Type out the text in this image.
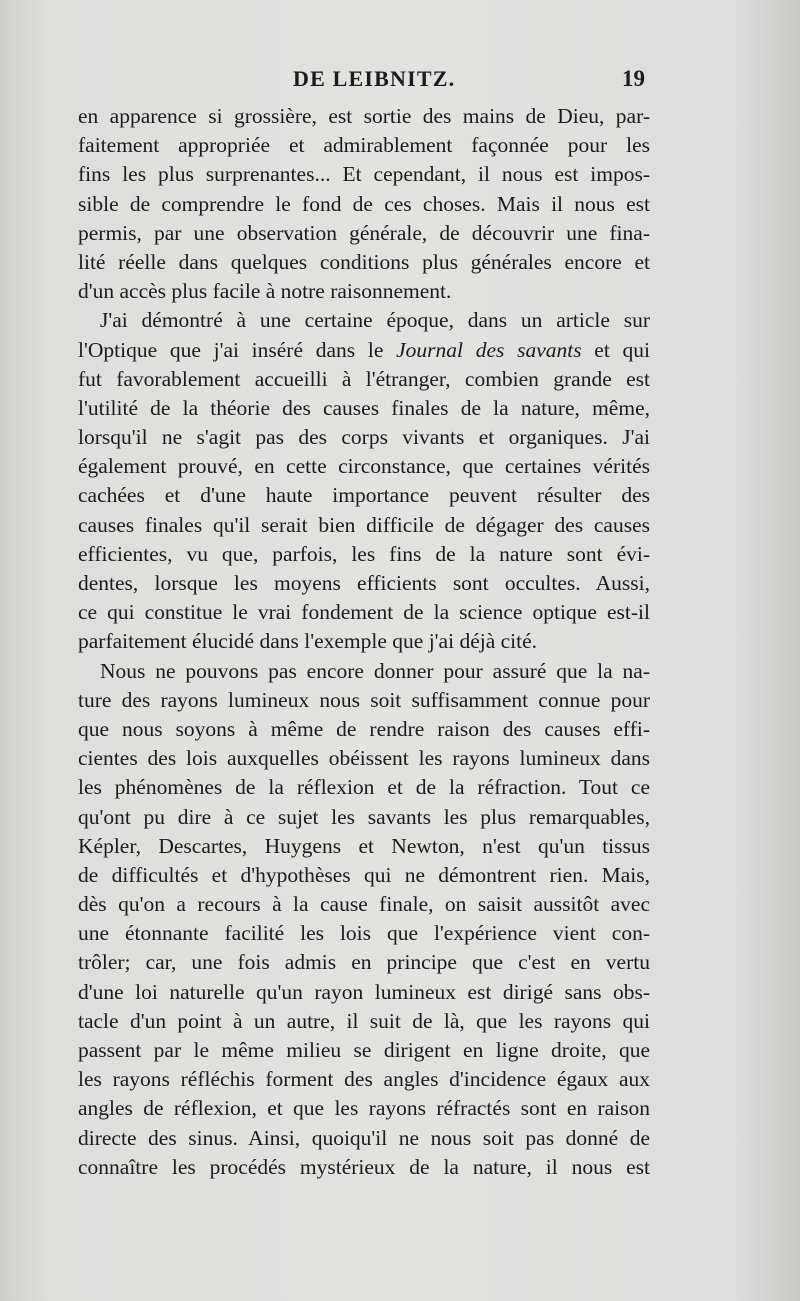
DE LEIBNITZ.	19
en apparence si grossière, est sortie des mains de Dieu, par-
faitement appropriée et admirablement façonnée pour les
fins les plus surprenantes... Et cependant, il nous est impos-
sible de comprendre le fond de ces choses. Mais il nous est
permis, par une observation générale, de découvrir une fina-
lité réelle dans quelques conditions plus générales encore et
d'un accès plus facile à notre raisonnement.
J'ai démontré à une certaine époque, dans un article sur
l'Optique que j'ai inséré dans le Journal des savants et qui
fut favorablement accueilli à l'étranger, combien grande est
l'utilité de la théorie des causes finales de la nature, même,
lorsqu'il ne s'agit pas des corps vivants et organiques. J'ai
également prouvé, en cette circonstance, que certaines vérités
cachées et d'une haute importance peuvent résulter des
causes finales qu'il serait bien difficile de dégager des causes
efficientes, vu que, parfois, les fins de la nature sont évi-
dentes, lorsque les moyens efficients sont occultes. Aussi,
ce qui constitue le vrai fondement de la science optique est-il
parfaitement élucidé dans l'exemple que j'ai déjà cité.
Nous ne pouvons pas encore donner pour assuré que la na-
ture des rayons lumineux nous soit suffisamment connue pour
que nous soyons à même de rendre raison des causes effi-
cientes des lois auxquelles obéissent les rayons lumineux dans
les phénomènes de la réflexion et de la réfraction. Tout ce
qu'ont pu dire à ce sujet les savants les plus remarquables,
Képler, Descartes, Huygens et Newton, n'est qu'un tissus
de difficultés et d'hypothèses qui ne démontrent rien. Mais,
dès qu'on a recours à la cause finale, on saisit aussitôt avec
une étonnante facilité les lois que l'expérience vient con-
trôler; car, une fois admis en principe que c'est en vertu
d'une loi naturelle qu'un rayon lumineux est dirigé sans obs-
tacle d'un point à un autre, il suit de là, que les rayons qui
passent par le même milieu se dirigent en ligne droite, que
les rayons réfléchis forment des angles d'incidence égaux aux
angles de réflexion, et que les rayons réfractés sont en raison
directe des sinus. Ainsi, quoiqu'il ne nous soit pas donné de
connaître les procédés mystérieux de la nature, il nous est
